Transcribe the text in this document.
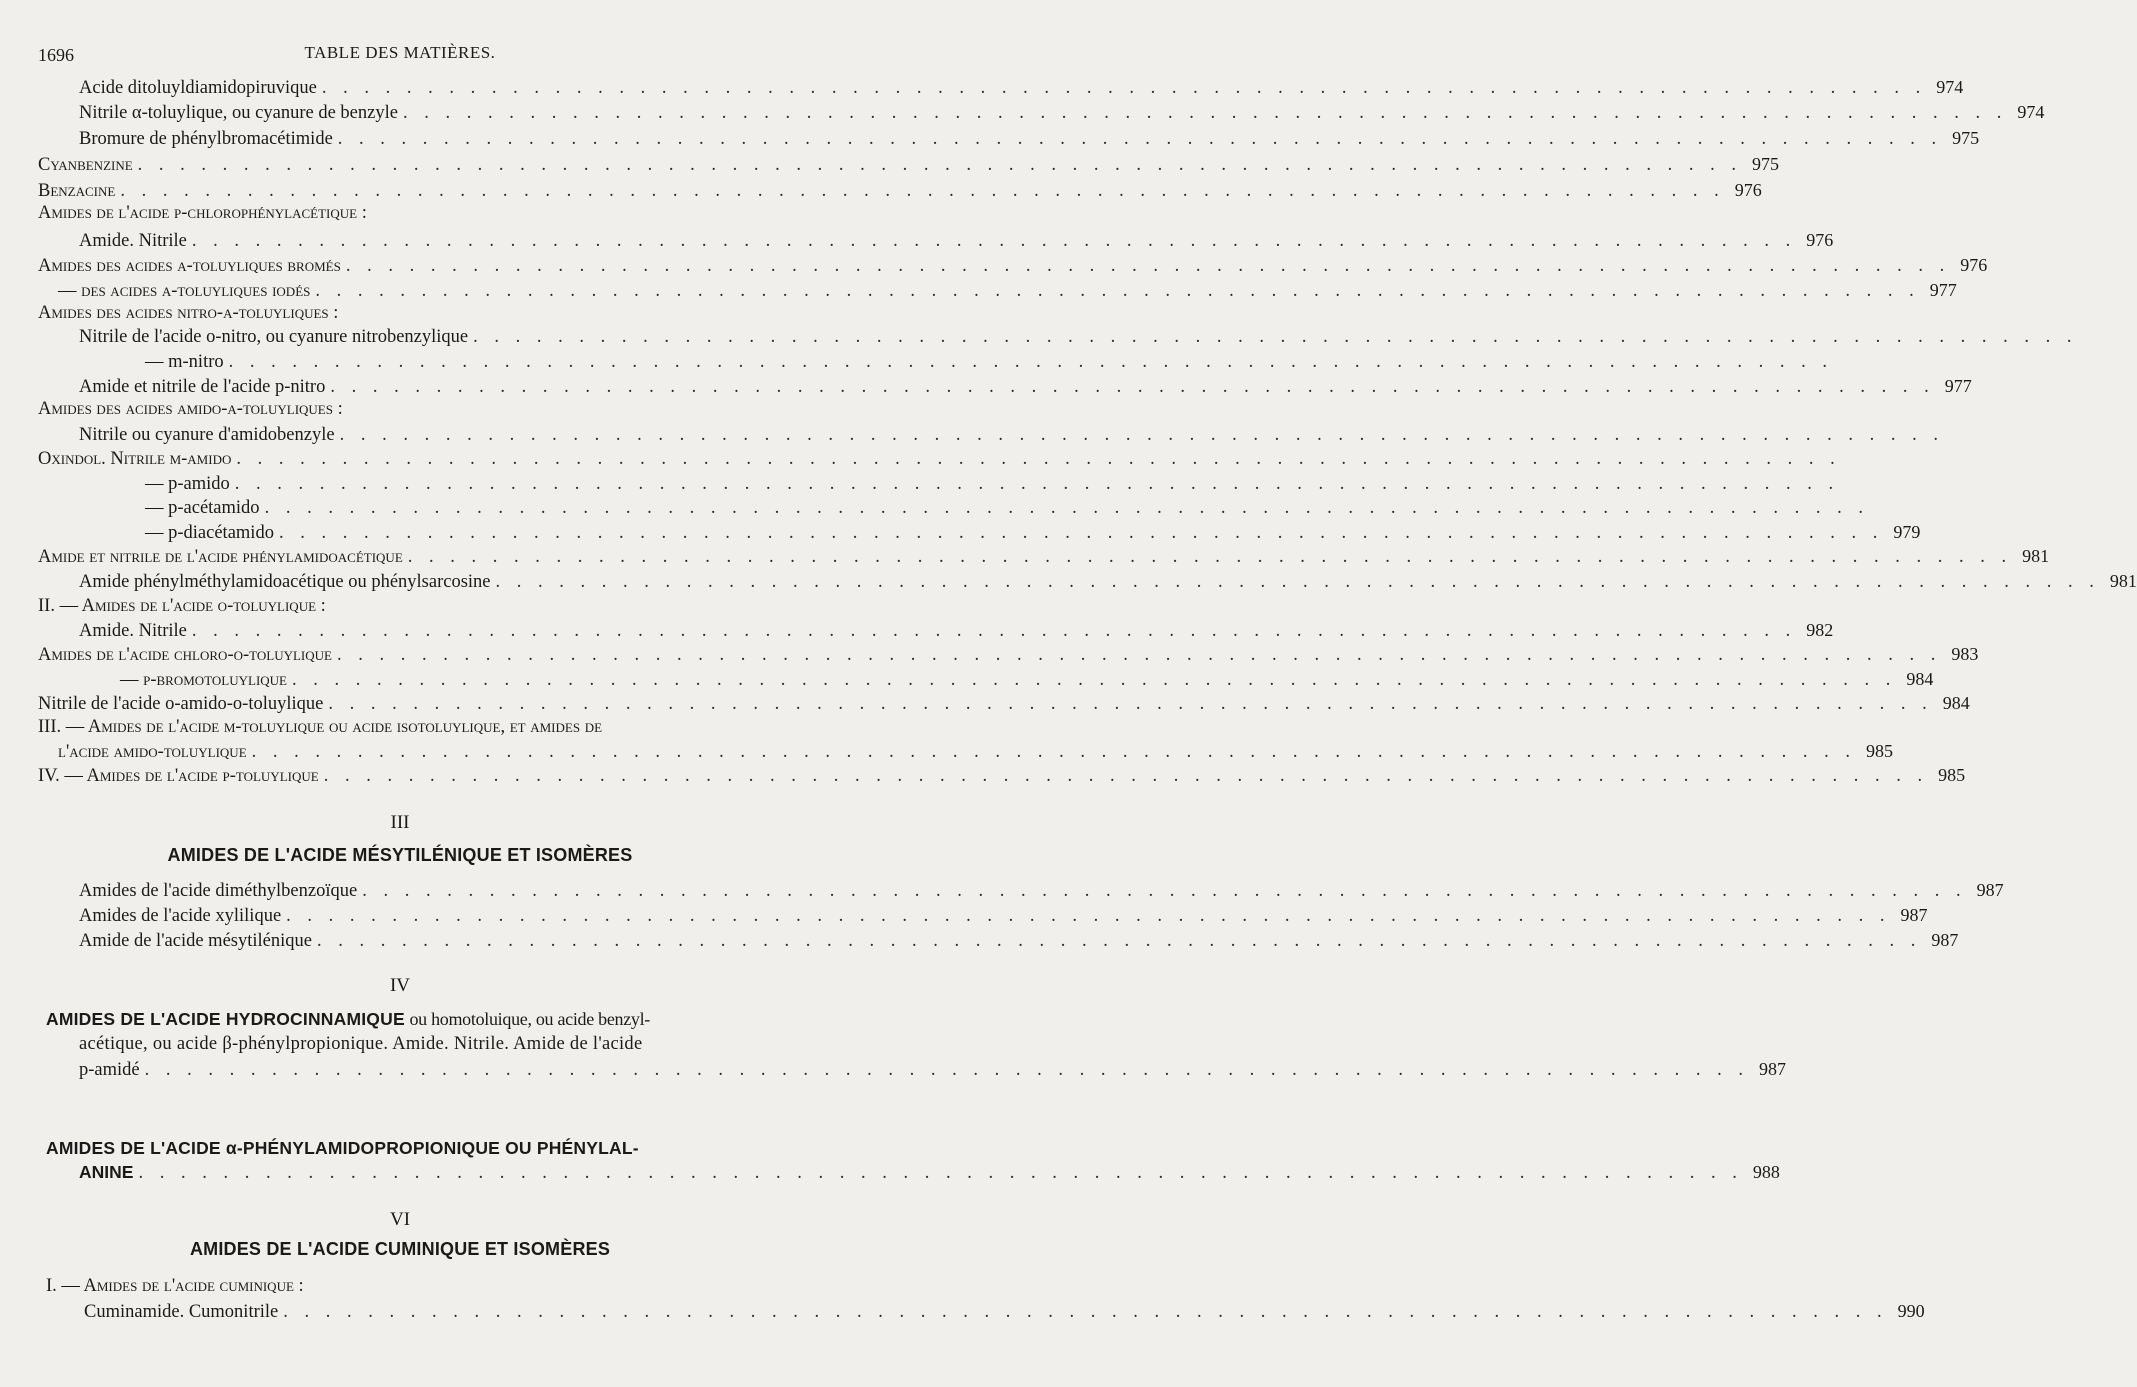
1696	TABLE DES MATIÈRES.
Acide ditoluyldiamidopiruvique . . . . . . . . . . . . . . . . . . . . . . . . . . . . . . . . . . . . . . . . . . . . . . . . . . . . . . . . . . . . . . . . . . . . . . . . . . . . 974
Nitrile α-toluylique, ou cyanure de benzyle . . . . . . . . . . . . . . . . . . . . . . . . . . . . . . . . . . . . . . . . . . . . . . . . . . . . . . . . . . . . . . . . . . . . . . . . . . . . 974
Bromure de phénylbromacétimide . . . . . . . . . . . . . . . . . . . . . . . . . . . . . . . . . . . . . . . . . . . . . . . . . . . . . . . . . . . . . . . . . . . . . . . . . . . . 975
Cyanbenzine . . . . . . . . . . . . . . . . . . . . . . . . . . . . . . . . . . . . . . . . . . . . . . . . . . . . . . . . . . . . . . . . . . . . . . . . . . . . 975
Benzacine . . . . . . . . . . . . . . . . . . . . . . . . . . . . . . . . . . . . . . . . . . . . . . . . . . . . . . . . . . . . . . . . . . . . . . . . . . . . 976
Amides de l'acide p-chlorophénylacétique :
Amide. Nitrile . . . . . . . . . . . . . . . . . . . . . . . . . . . . . . . . . . . . . . . . . . . . . . . . . . . . . . . . . . . . . . . . . . . . . . . . . . . . 976
Amides des acides α-toluyliques bromés . . . . . . . . . . . . . . . . . . . . . . . . . . . . . . . . . . . . . . . . . . . . . . . . . . . . . . . . . . . . . . . . . . . . . . . . . . . . 976
— des acides α-toluyliques iodés . . . . . . . . . . . . . . . . . . . . . . . . . . . . . . . . . . . . . . . . . . . . . . . . . . . . . . . . . . . . . . . . . . . . . . . . . . . . 977
Amides des acides nitro-α-toluyliques :
Nitrile de l'acide o-nitro, ou cyanure nitrobenzylique . . . . . . . . . . . . . . . . . . . . . . . . . . . . . . . . . . . . . . . . . . . . . . . . . . . . . . . . . . . . . . . . . . . . . . . . . . . .
— m-nitro . . . . . . . . . . . . . . . . . . . . . . . . . . . . . . . . . . . . . . . . . . . . . . . . . . . . . . . . . . . . . . . . . . . . . . . . . . . .
Amide et nitrile de l'acide p-nitro . . . . . . . . . . . . . . . . . . . . . . . . . . . . . . . . . . . . . . . . . . . . . . . . . . . . . . . . . . . . . . . . . . . . . . . . . . . . 977
Amides des acides amido-α-toluyliques :
Nitrile ou cyanure d'amidobenzyle . . . . . . . . . . . . . . . . . . . . . . . . . . . . . . . . . . . . . . . . . . . . . . . . . . . . . . . . . . . . . . . . . . . . . . . . . . . .
Oxindol. Nitrile m-amido . . . . . . . . . . . . . . . . . . . . . . . . . . . . . . . . . . . . . . . . . . . . . . . . . . . . . . . . . . . . . . . . . . . . . . . . . . . .
— p-amido . . . . . . . . . . . . . . . . . . . . . . . . . . . . . . . . . . . . . . . . . . . . . . . . . . . . . . . . . . . . . . . . . . . . . . . . . . . .
— p-acétamido . . . . . . . . . . . . . . . . . . . . . . . . . . . . . . . . . . . . . . . . . . . . . . . . . . . . . . . . . . . . . . . . . . . . . . . . . . . .
— p-diacétamido . . . . . . . . . . . . . . . . . . . . . . . . . . . . . . . . . . . . . . . . . . . . . . . . . . . . . . . . . . . . . . . . . . . . . . . . . . . . 979
Amide et nitrile de l'acide phénylamidoacétique . . . . . . . . . . . . . . . . . . . . . . . . . . . . . . . . . . . . . . . . . . . . . . . . . . . . . . . . . . . . . . . . . . . . . . . . . . . . 981
Amide phénylméthylamidoacétique ou phénylsarcosine . . . . . . . . . . . . . . . . . . . . . . . . . . . . . . . . . . . . . . . . . . . . . . . . . . . . . . . . . . . . . . . . . . . . . . . . . . . . 981
II. — Amides de l'acide o-toluylique :
Amide. Nitrile . . . . . . . . . . . . . . . . . . . . . . . . . . . . . . . . . . . . . . . . . . . . . . . . . . . . . . . . . . . . . . . . . . . . . . . . . . . . 982
Amides de l'acide chloro-o-toluylique . . . . . . . . . . . . . . . . . . . . . . . . . . . . . . . . . . . . . . . . . . . . . . . . . . . . . . . . . . . . . . . . . . . . . . . . . . . . 983
— p-bromotoluylique . . . . . . . . . . . . . . . . . . . . . . . . . . . . . . . . . . . . . . . . . . . . . . . . . . . . . . . . . . . . . . . . . . . . . . . . . . . . 984
Nitrile de l'acide o-amido-o-toluylique . . . . . . . . . . . . . . . . . . . . . . . . . . . . . . . . . . . . . . . . . . . . . . . . . . . . . . . . . . . . . . . . . . . . . . . . . . . . 984
III. — Amides de l'acide m-toluylique ou acide isotoluylique, et amides de
l'acide amido-toluylique . . . . . . . . . . . . . . . . . . . . . . . . . . . . . . . . . . . . . . . . . . . . . . . . . . . . . . . . . . . . . . . . . . . . . . . . . . . . 985
IV. — Amides de l'acide p-toluylique . . . . . . . . . . . . . . . . . . . . . . . . . . . . . . . . . . . . . . . . . . . . . . . . . . . . . . . . . . . . . . . . . . . . . . . . . . . . 985
III
AMIDES DE L'ACIDE MÉSYTILÉNIQUE ET ISOMÈRES
Amides de l'acide diméthylbenzoïque . . . . . . . . . . . . . . . . . . . . . . . . . . . . . . . . . . . . . . . . . . . . . . . . . . . . . . . . . . . . . . . . . . . . . . . . . . . . 987
Amides de l'acide xylilique . . . . . . . . . . . . . . . . . . . . . . . . . . . . . . . . . . . . . . . . . . . . . . . . . . . . . . . . . . . . . . . . . . . . . . . . . . . . 987
Amide de l'acide mésytilénique . . . . . . . . . . . . . . . . . . . . . . . . . . . . . . . . . . . . . . . . . . . . . . . . . . . . . . . . . . . . . . . . . . . . . . . . . . . . 987
IV
AMIDES DE L'ACIDE HYDROCINNAMIQUE ou homotoluique, ou acide benzyl-
acétique, ou acide β-phénylpropionique. Amide. Nitrile. Amide de l'acide
p-amidé . . . . . . . . . . . . . . . . . . . . . . . . . . . . . . . . . . . . . . . . . . . . . . . . . . . . . . . . . . . . . . . . . . . . . . . . . . . . 987
AMIDES DE L'ACIDE α-PHÉNYLAMIDOPROPIONIQUE OU PHÉNYLAL-
ANINE . . . . . . . . . . . . . . . . . . . . . . . . . . . . . . . . . . . . . . . . . . . . . . . . . . . . . . . . . . . . . . . . . . . . . . . . . . . . 988
VI
AMIDES DE L'ACIDE CUMINIQUE ET ISOMÈRES
I. — Amides de l'acide cuminique :
Cuminamide. Cumonitrile . . . . . . . . . . . . . . . . . . . . . . . . . . . . . . . . . . . . . . . . . . . . . . . . . . . . . . . . . . . . . . . . . . . . . . . . . . . . 990
